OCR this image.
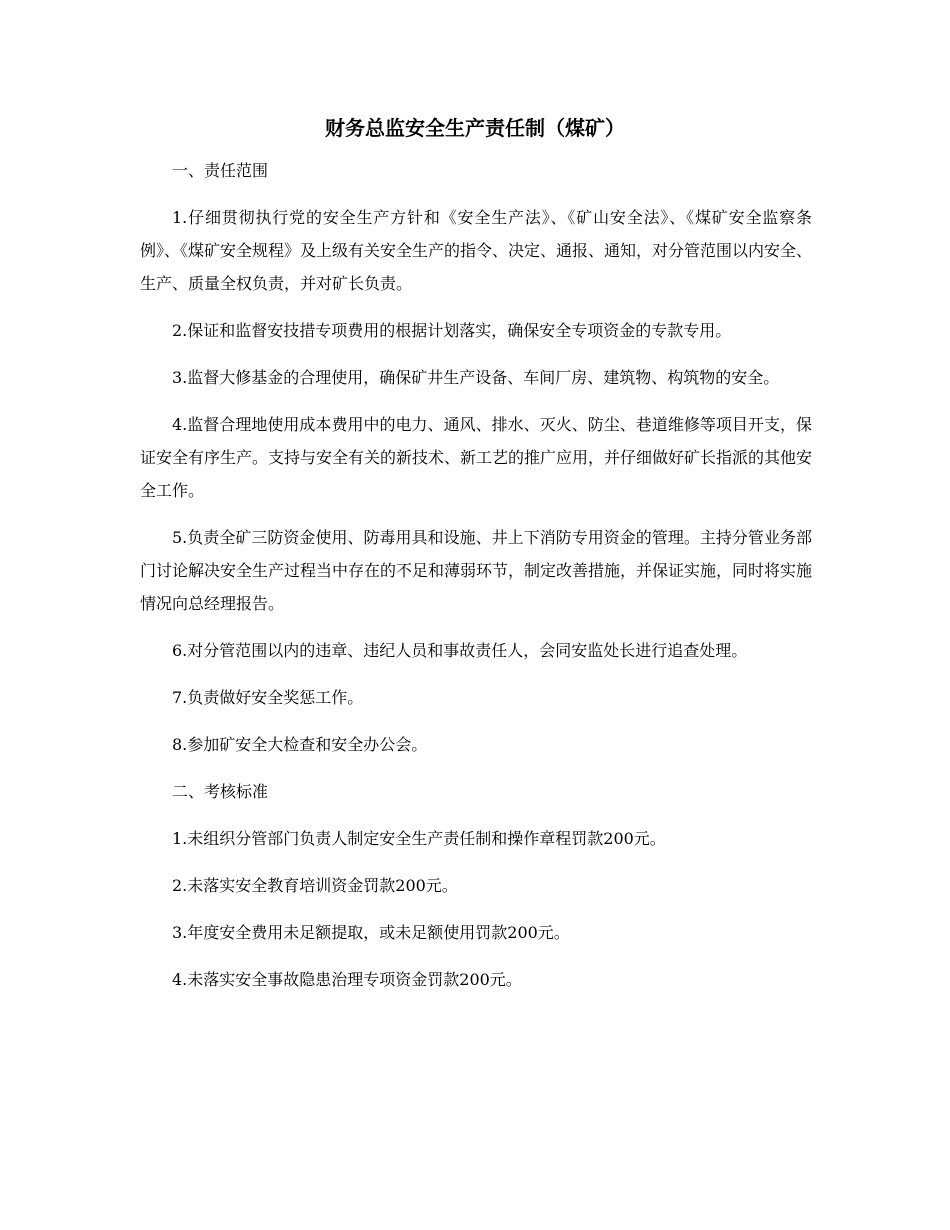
财务总监安全生产责任制（煤矿）

一、责任范围

1.仔细贯彻执行党的安全生产方针和《安全生产法》、《矿山安全法》、《煤矿安全监察条例》、《煤矿安全规程》及上级有关安全生产的指令、决定、通报、通知，对分管范围以内安全、生产、质量全权负责，并对矿长负责。

2.保证和监督安技措专项费用的根据计划落实，确保安全专项资金的专款专用。

3.监督大修基金的合理使用，确保矿井生产设备、车间厂房、建筑物、构筑物的安全。

4.监督合理地使用成本费用中的电力、通风、排水、灭火、防尘、巷道维修等项目开支，保证安全有序生产。支持与安全有关的新技术、新工艺的推广应用，并仔细做好矿长指派的其他安全工作。

5.负责全矿三防资金使用、防毒用具和设施、井上下消防专用资金的管理。主持分管业务部门讨论解决安全生产过程当中存在的不足和薄弱环节，制定改善措施，并保证实施，同时将实施情况向总经理报告。

6.对分管范围以内的违章、违纪人员和事故责任人，会同安监处长进行追查处理。

7.负责做好安全奖惩工作。

8.参加矿安全大检查和安全办公会。

二、考核标准

1.未组织分管部门负责人制定安全生产责任制和操作章程罚款200元。

2.未落实安全教育培训资金罚款200元。

3.年度安全费用未足额提取，或未足额使用罚款200元。

4.未落实安全事故隐患治理专项资金罚款200元。
